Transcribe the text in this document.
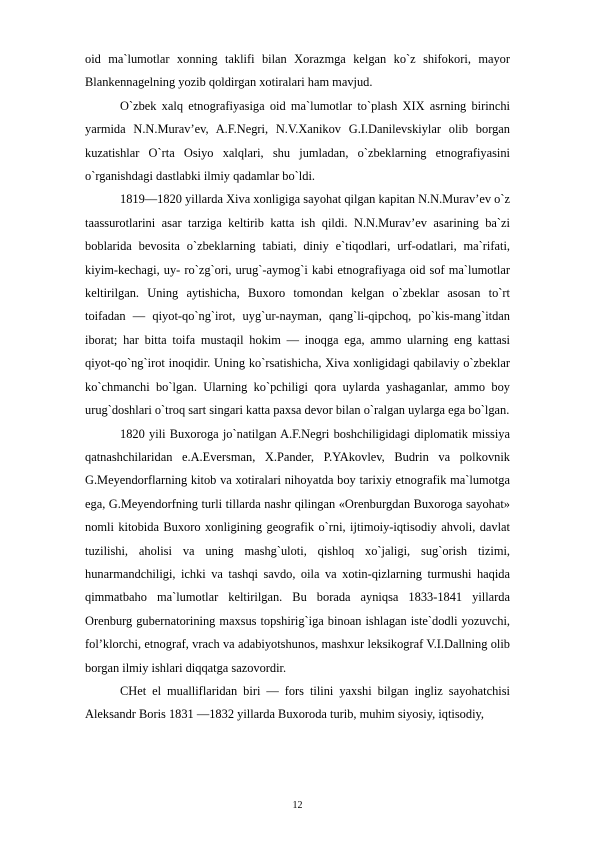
oid ma`lumotlar xonning taklifi bilan Xorazmga kelgan ko`z shifokori, mayor Blankennagelning yozib qoldirgan xotiralari ham mavjud.

O`zbek xalq etnografiyasiga oid ma`lumotlar to`plash XIX asrning birinchi yarmida N.N.Murav’ev, A.F.Negri, N.V.Xanikov G.I.Danilevskiylar olib borgan kuzatishlar O`rta Osiyo xalqlari, shu jumladan, o`zbeklarning etnografiyasini o`rganishdagi dastlabki ilmiy qadamlar bo`ldi.

1819—1820 yillarda Xiva xonligiga sayohat qilgan kapitan N.N.Murav’ev o`z taassurotlarini asar tarziga keltirib katta ish qildi. N.N.Murav’ev asarining ba`zi boblarida bevosita o`zbeklarning tabiati, diniy e`tiqodlari, urf-odatlari, ma`rifati, kiyim-kechagi, uy- ro`zg`ori, urug`-aymog`i kabi etnografiyaga oid sof ma`lumotlar keltirilgan. Uning aytishicha, Buxoro tomondan kelgan o`zbeklar asosan to`rt toifadan — qiyot-qo`ng`irot, uyg`ur-nayman, qang`li-qipchoq, po`kis-mang`itdan iborat; har bitta toifa mustaqil hokim — inoqga ega, ammo ularning eng kattasi qiyot-qo`ng`irot inoqidir. Uning ko`rsatishicha, Xiva xonligidagi qabilaviy o`zbeklar ko`chmanchi bo`lgan. Ularning ko`pchiligi qora uylarda yashaganlar, ammo boy urug`doshlari o`troq sart singari katta paxsa devor bilan o`ralgan uylarga ega bo`lgan.

1820 yili Buxoroga jo`natilgan A.F.Negri boshchiligidagi diplomatik missiya qatnashchilaridan e.A.Eversman, X.Pander, P.YAkovlev, Budrin va polkovnik G.Meyendorflarning kitob va xotiralari nihoyatda boy tarixiy etnografik ma`lumotga ega, G.Meyendorfning turli tillarda nashr qilingan «Orenburgdan Buxoroga sayohat» nomli kitobida Buxoro xonligining geografik o`rni, ijtimoiy-iqtisodiy ahvoli, davlat tuzilishi, aholisi va uning mashg`uloti, qishloq xo`jaligi, sug`orish tizimi, hunarmandchiligi, ichki va tashqi savdo, oila va xotin-qizlarning turmushi haqida qimmatbaho ma`lumotlar keltirilgan. Bu borada ayniqsa 1833-1841 yillarda Orenburg gubernatorining maxsus topshirig`iga binoan ishlagan iste`dodli yozuvchi, fol’klorchi, etnograf, vrach va adabiyotshunos, mashxur leksikograf V.I.Dallning olib borgan ilmiy ishlari diqqatga sazovordir.

CHet el mualliflaridan biri — fors tilini yaxshi bilgan ingliz sayohatchisi Aleksandr Boris 1831 —1832 yillarda Buxoroda turib, muhim siyosiy, iqtisodiy,

12
